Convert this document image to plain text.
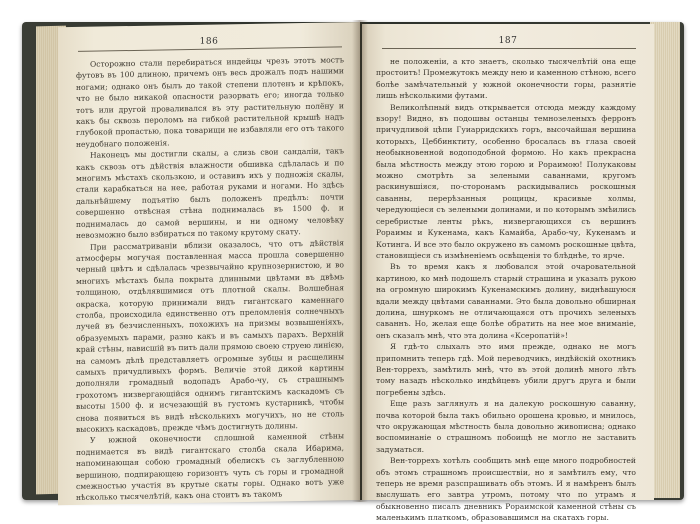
186

Осторожно стали перебираться индейцы чрезъ этотъ мостъ футовъ въ 100 длиною, причемъ онъ весь дрожалъ подъ нашими ногами; однако онъ былъ до такой степени плотенъ и крѣпокъ, что не было никакой опасности разорвать его; иногда только тотъ или другой проваливался въ эту растительную полёну и какъ бы сквозь пероломъ на гибкой растительной крышѣ надъ глубокой пропастью, пока товарищи не избавляли его отъ такого неудобнаго положенія.

Наконецъ мы достигли скалы, а слизь свои сандаліи, такъ какъ сквозь отъ дѣйствія влажности обшивка сдѣлалась и по многимъ мѣстахъ скользкою, и оставивъ ихъ у подножія скалы, стали карабкаться на нее, работая руками и ногами. Но здѣсь дальнѣйшему подъятію былъ положенъ предѣлъ: почти совершенно отвѣсная стѣна поднималась въ 1500 ф. и поднималась до самой вершины, и ни одному человѣку невозможно было взбираться по такому крутому скату.

При рассматриваніи вблизи оказалось, что отъ дѣйствія атмосферы могучая поставленная масса прошла совершенно черный цвѣтъ и сдѣлалась чрезвычайно крупнозернистою, и во многихъ мѣстахъ была покрыта длинными цвѣтами въ двѣмь толщиною, отдѣлявшимися отъ плотной скалы. Волшебная окраска, которую принимали видъ гигантскаго каменнаго столба, происходила единственно отъ преломленія солнечныхъ лучей въ безчисленныхъ, похожихъ на призмы возвышеніяхъ, образуемыхъ парами, разно какъ и въ самыхъ парахъ. Верхній край стѣны, нависшій въ пить дали прямою своею струею линією, на самомъ дѣлѣ представляетъ огромные зубцы и расщелины самыхъ причудливыхъ формъ. Величіе этой дикой картины дополняли громадный водопадъ Арабо-чу, съ страшнымъ грохотомъ низвергающійся однимъ гигантскимъ каскадомъ съ высоты 1500 ф. и исчезающій въ густомъ кустарникѣ, чтобы снова появиться въ видѣ нѣсколькихъ могучихъ, но не столь высокихъ каскадовъ, прежде чѣмъ достигнуть долины.

У южной оконечности сплошной каменной стѣны поднимается въ видѣ гигантскаго столба скала Ибарима, напоминающая собою громадный обелискъ съ заглубленною вершиною, подпирающею горизонтъ чуть съ горы и громадной смежностью участія въ крутые скаты горы. Однако вотъ уже нѣсколько тысячелѣтій, какъ она стоитъ въ такомъ

187

не положеніи, а кто знаетъ, сколько тысячелѣтій она еще простоитъ! Промежутокъ между нею и каменною стѣною, всего болѣе замѣчательный у южной оконечности горы, разнятіе лишь нѣсколькими футами.

Великолѣпный видъ открывается отсюда между каждому взору! Видно, въ подошвы останцы темнозеленыхъ ферронъ причудливой цѣпи Гуиарридскихъ горъ, высочайшая вершина которыхъ, Цеббинктиту, особенно бросалась въ глаза своей необыкновенной водоподобной формою. Но какъ прекрасна была мѣстность между этою горою и Рорaимою! Полукаковы можно смотрѣть за зелеными саваннами, кругомъ раскинувшіяся, по-сторонамъ раскидывались роскошныя саванны, перерѣзанныя рощицы, красивые холмы, чередующіеся съ зелеными долинами, и по которымъ змѣились серебристые ленты рѣкъ, низвергающихся съ вершинъ Рорaимы и Кукенама, какъ Камайба, Арабо-чу, Кукенамъ и Котинга. И все это было окружено въ самомъ роскошные цвѣта, становящіеся съ измѣненіемъ освѣщенія то блѣднѣе, то ярче.

Въ то время какъ я любовался этой очаровательной картиною, ко мнѣ подошелъ старый страшина и указалъ рукою на огромную широкимъ Кукенамскимъ долину, виднѣвшуюся вдали между цвѣтами саваннами. Это была довольно обширная долина, шнуркомъ не отличающаяся отъ прочихъ зеленыхъ саваннъ. Но, желая еще болѣе обратить на нее мое вниманіе, онъ сказалъ мнѣ, что эта долина «Ксеропатій»!

Я гдѣ-то слыхалъ это имя прежде, однако не могъ припомнить теперь гдѣ. Мой переводчикъ, индѣйскій охотникъ Вен-торрехъ, замѣтилъ мнѣ, что въ этой долинѣ много лѣтъ тому назадъ нѣсколько индѣйцевъ убили другъ друга и были погребены здѣсь.

Еще разъ заглянулъ я на далекую роскошную саванну, почва которой была такъ обильно орошена кровью, и мнилось, что окружающая мѣстность была довольно живописна; однако воспоминаніе о страшномъ побоищѣ не могло не заставить задуматься.

Вен-торрехъ хотѣлъ сообщить мнѣ еще много подробностей объ этомъ страшномъ происшествіи, но я замѣтилъ ему, что теперь не время разспрашивать объ этомъ. И я намѣренъ былъ выслушать его завтра утромъ, потому что по утрамъ я обыкновенно писалъ дневникъ Рорaимской каменной стѣны съ маленькимъ платкомъ, образовавшимся на скатахъ горы.
